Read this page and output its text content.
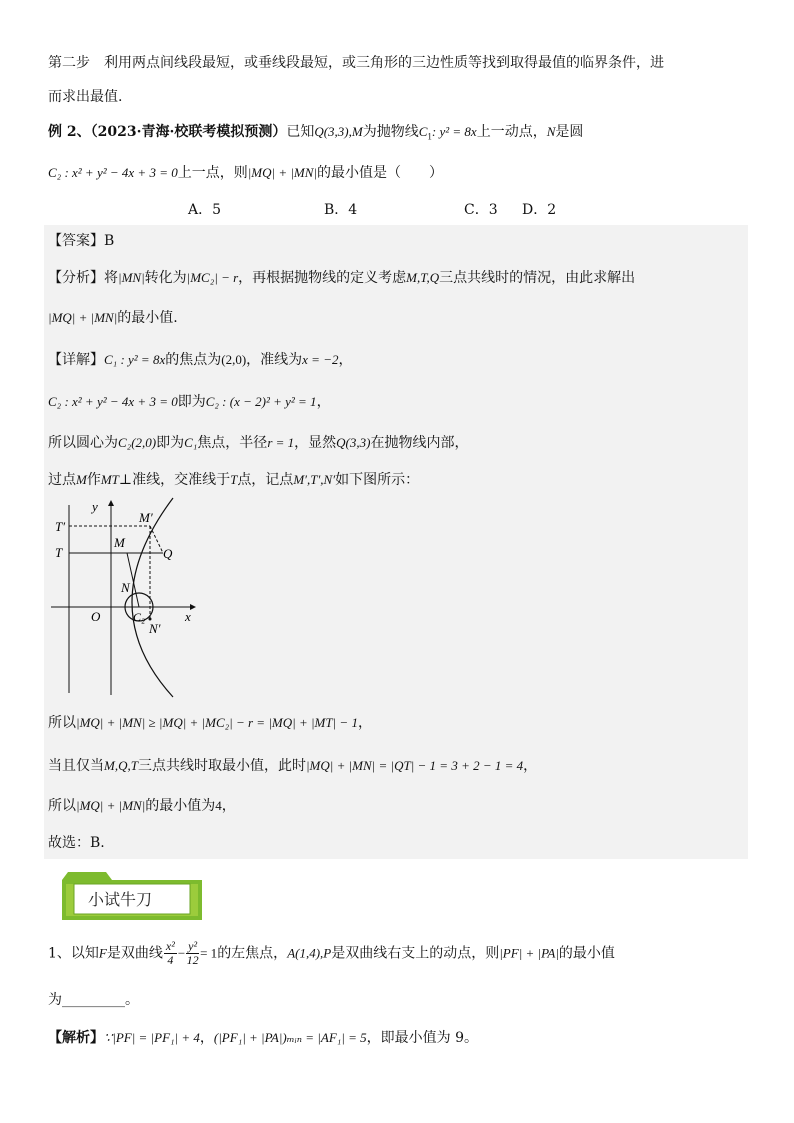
第二步　利用两点间线段最短，或垂线段最短，或三角形的三边性质等找到取得最值的临界条件，进
而求出最值.
例 2、（2023·青海·校联考模拟预测）已知Q(3,3),M为抛物线$C_1$: y² = 8x上一动点，N是圆
C₂ : x² + y² − 4x + 3 = 0上一点，则|MQ| + |MN|的最小值是（　　）
A．5	B．4	C．3 D．2
【答案】B
【分析】将|MN|转化为|MC₂| − r，再根据抛物线的定义考虑M,T,Q三点共线时的情况，由此求解出
|MQ| + |MN|的最小值.
【详解】C₁ : y² = 8x的焦点为(2,0)，准线为x = −2，
C₂ : x² + y² − 4x + 3 = 0即为C₂ : (x − 2)² + y² = 1，
所以圆心为C₂(2,0)即为C₁焦点，半径r = 1，显然Q(3,3)在抛物线内部，
过点M作MT⊥准线，交准线于T点，记点M′,T′,N′如下图所示：
y
x
O
T′
T
M′
M
Q
N
C₂
N′
所以|MQ| + |MN| ≥ |MQ| + |MC₂| − r = |MQ| + |MT| − 1，
当且仅当M,Q,T三点共线时取最小值，此时|MQ| + |MN| = |QT| − 1 = 3 + 2 − 1 = 4，
所以|MQ| + |MN|的最小值为4，
故选：B.
小试牛刀
1、以知F是双曲线 $\frac{\text{x²}}{4} - \frac{\text{y²}}{12} = 1$的左焦点，A(1,4),P是双曲线右支上的动点，则|PF| + |PA|的最小值
为_________。
【解析】∵|PF| = |PF₁| + 4，(|PF₁| + |PA|)ₘᵢₙ = |AF₁| = 5，即最小值为 9。
